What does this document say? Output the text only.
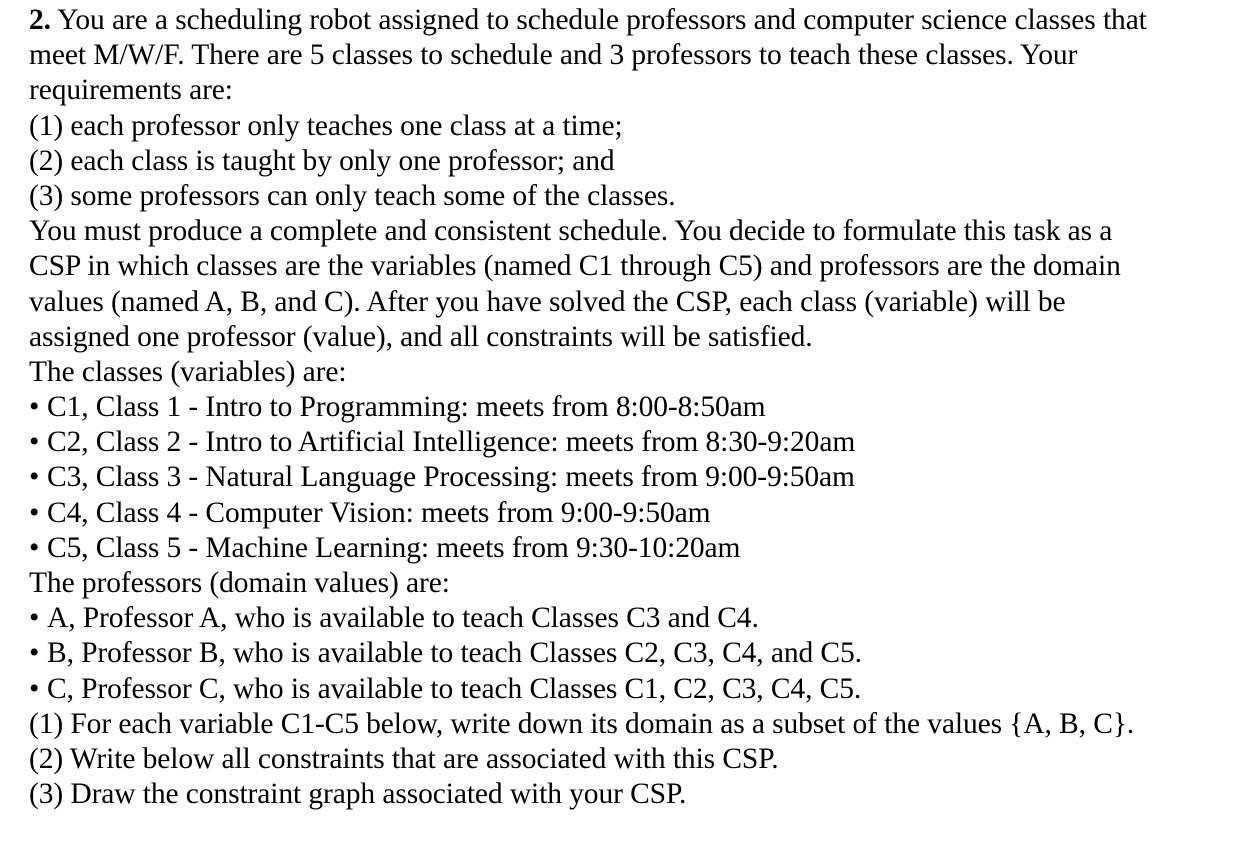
2. You are a scheduling robot assigned to schedule professors and computer science classes that
meet M/W/F. There are 5 classes to schedule and 3 professors to teach these classes. Your
requirements are:
(1) each professor only teaches one class at a time;
(2) each class is taught by only one professor; and
(3) some professors can only teach some of the classes.
You must produce a complete and consistent schedule. You decide to formulate this task as a
CSP in which classes are the variables (named C1 through C5) and professors are the domain
values (named A, B, and C). After you have solved the CSP, each class (variable) will be
assigned one professor (value), and all constraints will be satisfied.
The classes (variables) are:
• C1, Class 1 - Intro to Programming: meets from 8:00-8:50am
• C2, Class 2 - Intro to Artificial Intelligence: meets from 8:30-9:20am
• C3, Class 3 - Natural Language Processing: meets from 9:00-9:50am
• C4, Class 4 - Computer Vision: meets from 9:00-9:50am
• C5, Class 5 - Machine Learning: meets from 9:30-10:20am
The professors (domain values) are:
• A, Professor A, who is available to teach Classes C3 and C4.
• B, Professor B, who is available to teach Classes C2, C3, C4, and C5.
• C, Professor C, who is available to teach Classes C1, C2, C3, C4, C5.
(1) For each variable C1-C5 below, write down its domain as a subset of the values {A, B, C}.
(2) Write below all constraints that are associated with this CSP.
(3) Draw the constraint graph associated with your CSP.
